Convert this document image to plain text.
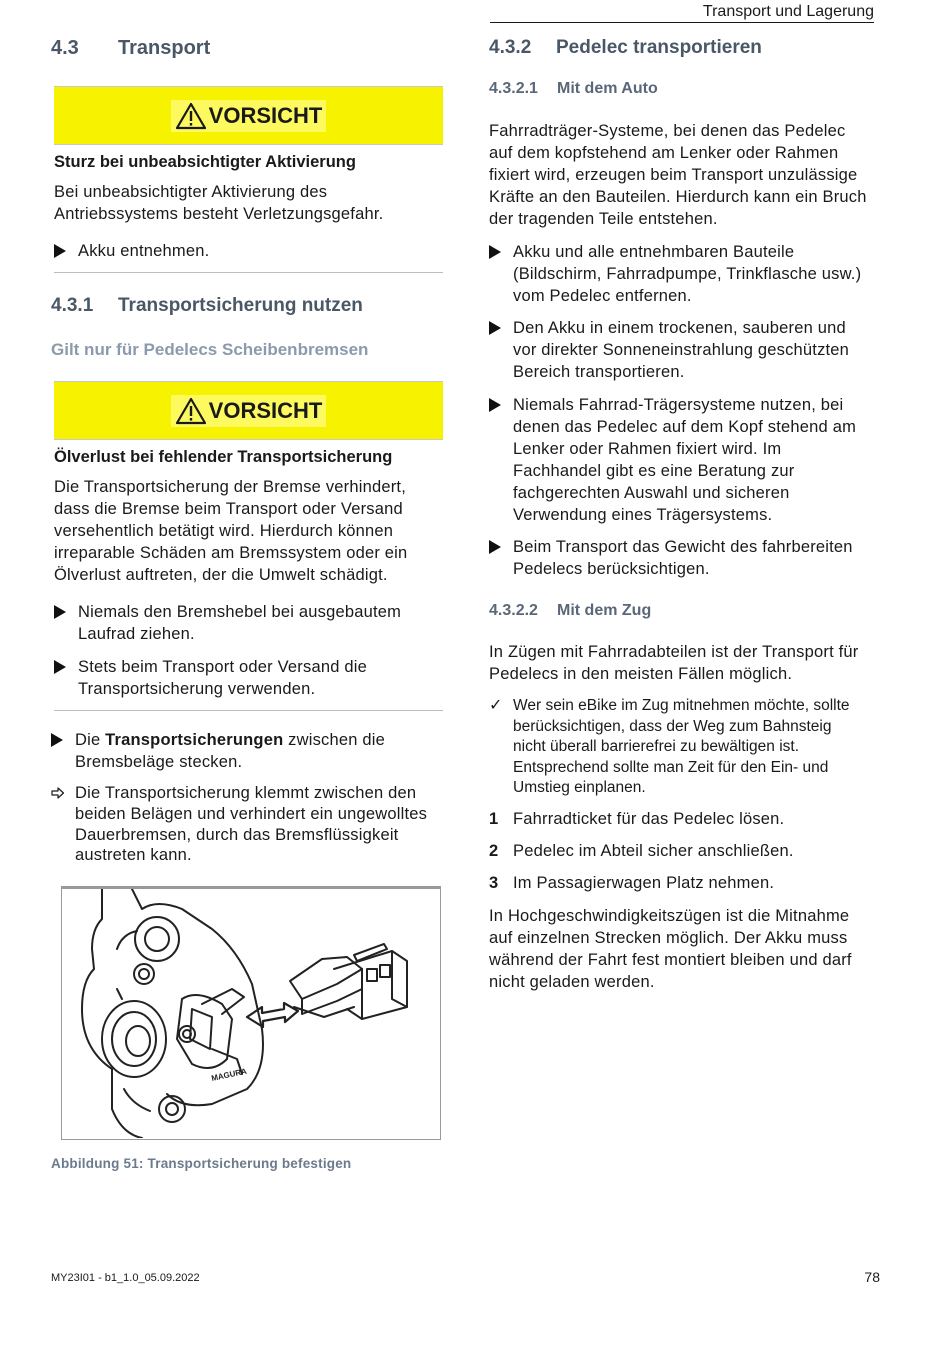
Transport und Lagerung
4.3	Transport
VORSICHT
Sturz bei unbeabsichtigter Aktivierung
Bei unbeabsichtigter Aktivierung des
Antriebssystems besteht Verletzungsgefahr.
Akku entnehmen.
4.3.1	Transportsicherung nutzen
Gilt nur für Pedelecs Scheibenbremsen
VORSICHT
Ölverlust bei fehlender Transportsicherung
Die Transportsicherung der Bremse verhindert,
dass die Bremse beim Transport oder Versand
versehentlich betätigt wird. Hierdurch können
irreparable Schäden am Bremssystem oder ein
Ölverlust auftreten, der die Umwelt schädigt.
Niemals den Bremshebel bei ausgebautem
Laufrad ziehen.
Stets beim Transport oder Versand die
Transportsicherung verwenden.
Die Transportsicherungen zwischen die
Bremsbeläge stecken.
Die Transportsicherung klemmt zwischen den
beiden Belägen und verhindert ein ungewolltes
Dauerbremsen, durch das Bremsflüssigkeit
austreten kann.
MAGURA
Abbildung 51: Transportsicherung befestigen
4.3.2	Pedelec transportieren
4.3.2.1	Mit dem Auto
Fahrradträger-Systeme, bei denen das Pedelec
auf dem kopfstehend am Lenker oder Rahmen
fixiert wird, erzeugen beim Transport unzulässige
Kräfte an den Bauteilen. Hierdurch kann ein Bruch
der tragenden Teile entstehen.
Akku und alle entnehmbaren Bauteile
(Bildschirm, Fahrradpumpe, Trinkflasche usw.)
vom Pedelec entfernen.
Den Akku in einem trockenen, sauberen und
vor direkter Sonneneinstrahlung geschützten
Bereich transportieren.
Niemals Fahrrad-Trägersysteme nutzen, bei
denen das Pedelec auf dem Kopf stehend am
Lenker oder Rahmen fixiert wird. Im
Fachhandel gibt es eine Beratung zur
fachgerechten Auswahl und sicheren
Verwendung eines Trägersystems.
Beim Transport das Gewicht des fahrbereiten
Pedelecs berücksichtigen.
4.3.2.2	Mit dem Zug
In Zügen mit Fahrradabteilen ist der Transport für
Pedelecs in den meisten Fällen möglich.
✓ Wer sein eBike im Zug mitnehmen möchte, sollte
berücksichtigen, dass der Weg zum Bahnsteig
nicht überall barrierefrei zu bewältigen ist.
Entsprechend sollte man Zeit für den Ein- und
Umstieg einplanen.
1 Fahrradticket für das Pedelec lösen.
2 Pedelec im Abteil sicher anschließen.
3 Im Passagierwagen Platz nehmen.
In Hochgeschwindigkeitszügen ist die Mitnahme
auf einzelnen Strecken möglich. Der Akku muss
während der Fahrt fest montiert bleiben und darf
nicht geladen werden.
MY23I01 - b1_1.0_05.09.2022	78
